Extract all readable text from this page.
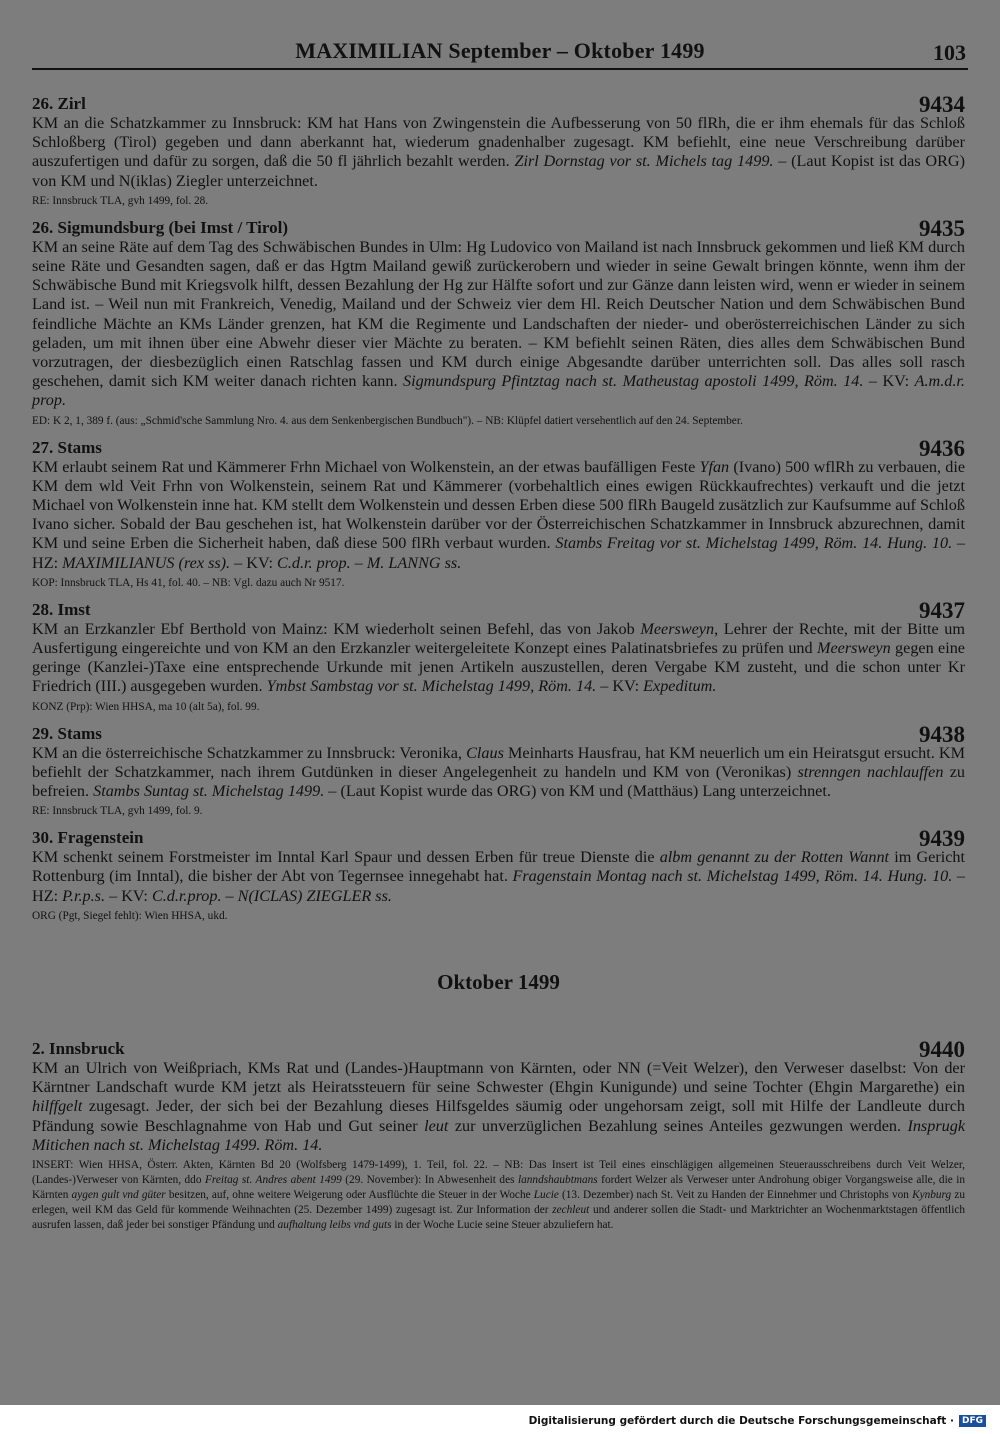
MAXIMILIAN September – Oktober 1499	103
26. Zirl	9434
KM an die Schatzkammer zu Innsbruck: KM hat Hans von Zwingenstein die Aufbesserung von 50 flRh, die er ihm ehemals für das Schloß Schloßberg (Tirol) gegeben und dann aberkannt hat, wiederum gnadenhalber zugesagt. KM befiehlt, eine neue Verschreibung darüber auszufertigen und dafür zu sorgen, daß die 50 fl jährlich bezahlt werden. Zirl Dornstag vor st. Michels tag 1499. – (Laut Kopist ist das ORG) von KM und N(iklas) Ziegler unterzeichnet.
RE: Innsbruck TLA, gvh 1499, fol. 28.
26. Sigmundsburg (bei Imst / Tirol)	9435
KM an seine Räte auf dem Tag des Schwäbischen Bundes in Ulm: Hg Ludovico von Mailand ist nach Innsbruck gekommen und ließ KM durch seine Räte und Gesandten sagen, daß er das Hgtm Mailand gewiß zurückerobern und wieder in seine Gewalt bringen könnte, wenn ihm der Schwäbische Bund mit Kriegsvolk hilft, dessen Bezahlung der Hg zur Hälfte sofort und zur Gänze dann leisten wird, wenn er wieder in seinem Land ist. – Weil nun mit Frankreich, Venedig, Mailand und der Schweiz vier dem Hl. Reich Deutscher Nation und dem Schwäbischen Bund feindliche Mächte an KMs Länder grenzen, hat KM die Regimente und Landschaften der nieder- und oberösterreichischen Länder zu sich geladen, um mit ihnen über eine Abwehr dieser vier Mächte zu beraten. – KM befiehlt seinen Räten, dies alles dem Schwäbischen Bund vorzutragen, der diesbezüglich einen Ratschlag fassen und KM durch einige Abgesandte darüber unterrichten soll. Das alles soll rasch geschehen, damit sich KM weiter danach richten kann. Sigmundspurg Pfintztag nach st. Matheustag apostoli 1499, Röm. 14. – KV: A.m.d.r. prop.
ED: K 2, 1, 389 f. (aus: „Schmid'sche Sammlung Nro. 4. aus dem Senkenbergischen Bundbuch"). – NB: Klüpfel datiert versehentlich auf den 24. September.
27. Stams	9436
KM erlaubt seinem Rat und Kämmerer Frhn Michael von Wolkenstein, an der etwas baufälligen Feste Yfan (Ivano) 500 wflRh zu verbauen, die KM dem wld Veit Frhn von Wolkenstein, seinem Rat und Kämmerer (vorbehaltlich eines ewigen Rückkaufrechtes) verkauft und die jetzt Michael von Wolkenstein inne hat. KM stellt dem Wolkenstein und dessen Erben diese 500 flRh Baugeld zusätzlich zur Kaufsumme auf Schloß Ivano sicher. Sobald der Bau geschehen ist, hat Wolkenstein darüber vor der Österreichischen Schatzkammer in Innsbruck abzurechnen, damit KM und seine Erben die Sicherheit haben, daß diese 500 flRh verbaut wurden. Stambs Freitag vor st. Michelstag 1499, Röm. 14. Hung. 10. – HZ: MAXIMILIANUS (rex ss). – KV: C.d.r. prop. – M. LANNG ss.
KOP: Innsbruck TLA, Hs 41, fol. 40. – NB: Vgl. dazu auch Nr 9517.
28. Imst	9437
KM an Erzkanzler Ebf Berthold von Mainz: KM wiederholt seinen Befehl, das von Jakob Meersweyn, Lehrer der Rechte, mit der Bitte um Ausfertigung eingereichte und von KM an den Erzkanzler weitergeleitete Konzept eines Palatinatsbriefes zu prüfen und Meersweyn gegen eine geringe (Kanzlei-)Taxe eine entsprechende Urkunde mit jenen Artikeln auszustellen, deren Vergabe KM zusteht, und die schon unter Kr Friedrich (III.) ausgegeben wurden. Ymbst Sambstag vor st. Michelstag 1499, Röm. 14. – KV: Expeditum.
KONZ (Prp): Wien HHSA, ma 10 (alt 5a), fol. 99.
29. Stams	9438
KM an die österreichische Schatzkammer zu Innsbruck: Veronika, Claus Meinharts Hausfrau, hat KM neuerlich um ein Heiratsgut ersucht. KM befiehlt der Schatzkammer, nach ihrem Gutdünken in dieser Angelegenheit zu handeln und KM von (Veronikas) strenngen nachlauffen zu befreien. Stambs Suntag st. Michelstag 1499. – (Laut Kopist wurde das ORG) von KM und (Matthäus) Lang unterzeichnet.
RE: Innsbruck TLA, gvh 1499, fol. 9.
30. Fragenstein	9439
KM schenkt seinem Forstmeister im Inntal Karl Spaur und dessen Erben für treue Dienste die albm genannt zu der Rotten Wannt im Gericht Rottenburg (im Inntal), die bisher der Abt von Tegernsee innegehabt hat. Fragenstain Montag nach st. Michelstag 1499, Röm. 14. Hung. 10. – HZ: P.r.p.s. – KV: C.d.r.prop. – N(ICLAS) ZIEGLER ss.
ORG (Pgt, Siegel fehlt): Wien HHSA, ukd.
Oktober 1499
2. Innsbruck	9440
KM an Ulrich von Weißpriach, KMs Rat und (Landes-)Hauptmann von Kärnten, oder NN (=Veit Welzer), den Verweser daselbst: Von der Kärntner Landschaft wurde KM jetzt als Heiratssteuern für seine Schwester (Ehgin Kunigunde) und seine Tochter (Ehgin Margarethe) ein hilffgelt zugesagt. Jeder, der sich bei der Bezahlung dieses Hilfsgeldes säumig oder ungehorsam zeigt, soll mit Hilfe der Landleute durch Pfändung sowie Beschlagnahme von Hab und Gut seiner leut zur unverzüglichen Bezahlung seines Anteiles gezwungen werden. Insprugk Mitichen nach st. Michelstag 1499. Röm. 14.
INSERT: Wien HHSA, Österr. Akten, Kärnten Bd 20 (Wolfsberg 1479-1499), 1. Teil, fol. 22. – NB: Das Insert ist Teil eines einschlägigen allgemeinen Steuerausschreibens durch Veit Welzer, (Landes-)Verweser von Kärnten, ddo Freitag st. Andres abent 1499 (29. November): In Abwesenheit des lanndshaubtmans fordert Welzer als Verweser unter Androhung obiger Vorgangsweise alle, die in Kärnten aygen gult vnd güter besitzen, auf, ohne weitere Weigerung oder Ausflüchte die Steuer in der Woche Lucie (13. Dezember) nach St. Veit zu Handen der Einnehmer und Christophs von Kynburg zu erlegen, weil KM das Geld für kommende Weihnachten (25. Dezember 1499) zugesagt ist. Zur Information der zechleut und anderer sollen die Stadt- und Marktrichter an Wochenmarktstagen öffentlich ausrufen lassen, daß jeder bei sonstiger Pfändung und aufhaltung leibs vnd guts in der Woche Lucie seine Steuer abzuliefern hat.
Digitalisierung gefördert durch die Deutsche Forschungsgemeinschaft · DFG
